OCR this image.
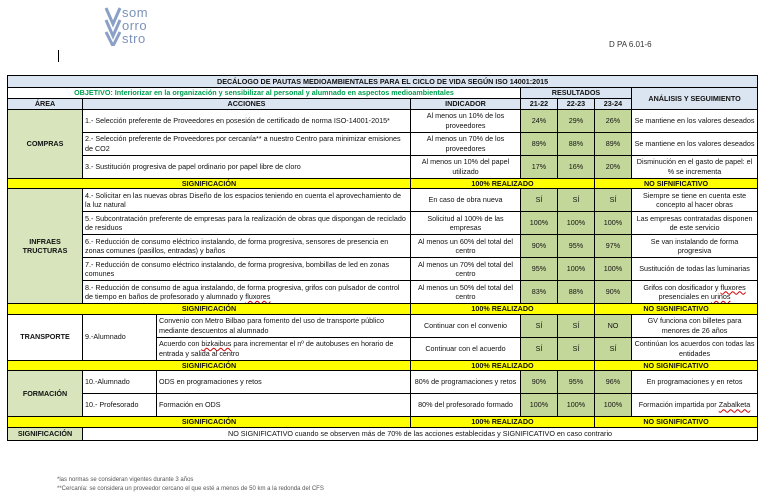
som
orro
stro	D PA 6.01-6
DECÁLOGO DE PAUTAS MEDIOAMBIENTALES PARA EL CICLO DE VIDA SEGÚN ISO 14001:2015							
OBJETIVO: Interiorizar en la organización y sensibilizar al personal y alumnado en aspectos medioambientales				RESULTADOS			ANÁLISIS Y SEGUIMIENTO
ÁREA	ACCIONES		INDICADOR	21-22	22-23	23-24	
COMPRAS	1.- Selección preferente de Proveedores en posesión de certificado de norma ISO-14001-2015*		Al menos un 10% de los proveedores	24%	29%	26%	Se mantiene en los valores deseados
	2.- Selección preferente de Proveedores por cercanía** a nuestro Centro para minimizar emisiones de CO2		Al menos un 70% de los proveedores	89%	88%	89%	Se mantiene en los valores deseados
	3.- Sustitución progresiva de papel ordinario por papel libre de cloro		Al menos un 10% del papel utilizado	17%	16%	20%	Disminución en el gasto de papel: el % se incrementa
SIGNIFICACIÓN			100% REALIZADO			NO SIFNIFICATIVO	
INFRAES
TRUCTURAS	4.- Solicitar en las nuevas obras Diseño de los espacios teniendo en cuenta el aprovechamiento de la luz natural		En caso de obra nueva	SÍ	SÍ	SÍ	Siempre se tiene en cuenta este concepto al hacer obras
	5.- Subcontratación preferente de empresas para la realización de obras que dispongan de reciclado de residuos		Solicitud al 100% de las empresas	100%	100%	100%	Las empresas contratadas disponen de este servicio
	6.- Reducción de consumo eléctrico instalando, de forma progresiva, sensores de presencia en zonas comunes (pasillos, entradas) y baños		Al menos un 60% del total del centro	90%	95%	97%	Se van instalando de forma progresiva
	7.- Reducción de consumo eléctrico instalando, de forma progresiva, bombillas de led en zonas comunes		Al menos un 70% del total del centro	95%	100%	100%	Sustitución de todas las luminarias
	8.- Reducción de consumo de agua instalando, de forma progresiva, grifos con pulsador de control de tiempo en baños de profesorado y alumnado y fluxores		Al menos un 50% del total del centro	83%	88%	90%	Grifos con dosificador y fluxores presenciales en urinos
SIGNIFICACIÓN			100% REALIZADO			NO SIGNIFICATIVO	
TRANSPORTE	9.-Alumnado	Convenio con Metro Bilbao para fomento del uso de transporte público mediante descuentos al alumnado	Continuar con el convenio	SÍ	SÍ	NO	GV funciona con billetes para menores de 26 años
		Acuerdo con bizkaibus para incrementar el nº de autobuses en horario de entrada y salida al centro	Continuar con el acuerdo	SÍ	SÍ	SÍ	Continúan los acuerdos con todas las entidades
SIGNIFICACIÓN			100% REALIZADO			NO SIGNIFICATIVO	
FORMACIÓN	10.-Alumnado	ODS en programaciones y retos	80% de programaciones y retos	90%	95%	96%	En programaciones y en retos
	10.- Profesorado	Formación en ODS	80% del profesorado formado	100%	100%	100%	Formación impartida por Zabalketa
SIGNIFICACIÓN			100% REALIZADO			NO SIGNIFICATIVO	
SIGNIFICACIÓN	NO SIGNIFICATIVO cuando se observen más de 70% de las acciones establecidas y SIGNIFICATIVO en caso contrario						
*las normas se consideran vigentes durante 3 años
**Cercanía: se considera un proveedor cercano el que esté a menos de 50 km a la redonda del CFS
